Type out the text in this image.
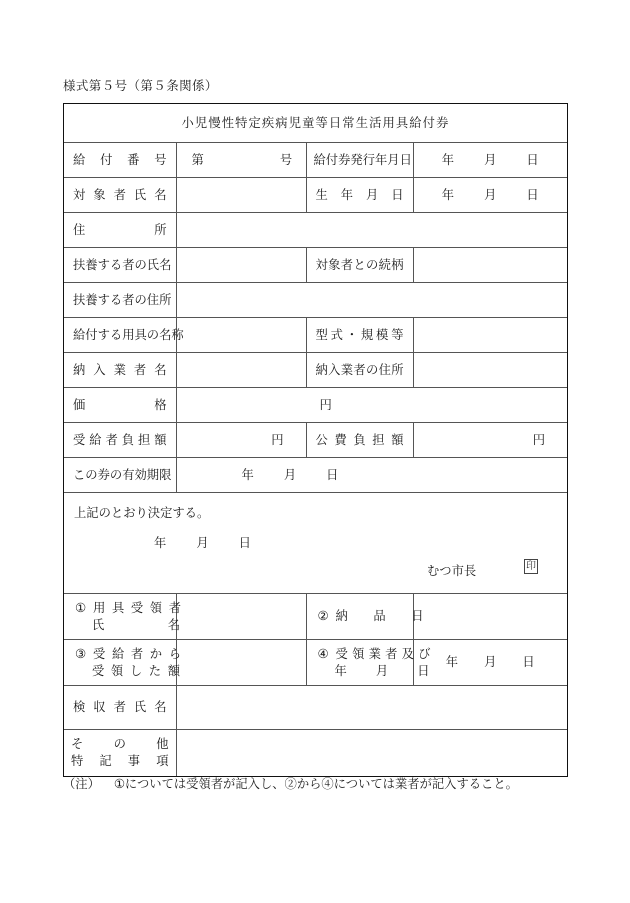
様式第５号（第５条関係）
小児慢性特定疾病児童等日常生活用具給付券			
給付番号	第 号	給付券発行年月日	年 月 日
対象者氏名		生年月日	年 月 日
住所			
扶養する者の氏名		対象者との続柄	
扶養する者の住所			
給付する用具の名称		型式・規模等	
納入業者名		納入業者の住所	
価格	円		
受給者負担額	円	公費負担額	円
この券の有効期限	年 月 日		

上記のとおり決定する。
年 月 日
むつ市長 印			

① 用具受領者
氏名		② 納品日	

③ 受給者から
受領した額		④ 受領業者及び
年　月　日	年 月 日
検収者氏名			

その他
特記事項			

（注） ①については受領者が記入し、②から④については業者が記入すること。
